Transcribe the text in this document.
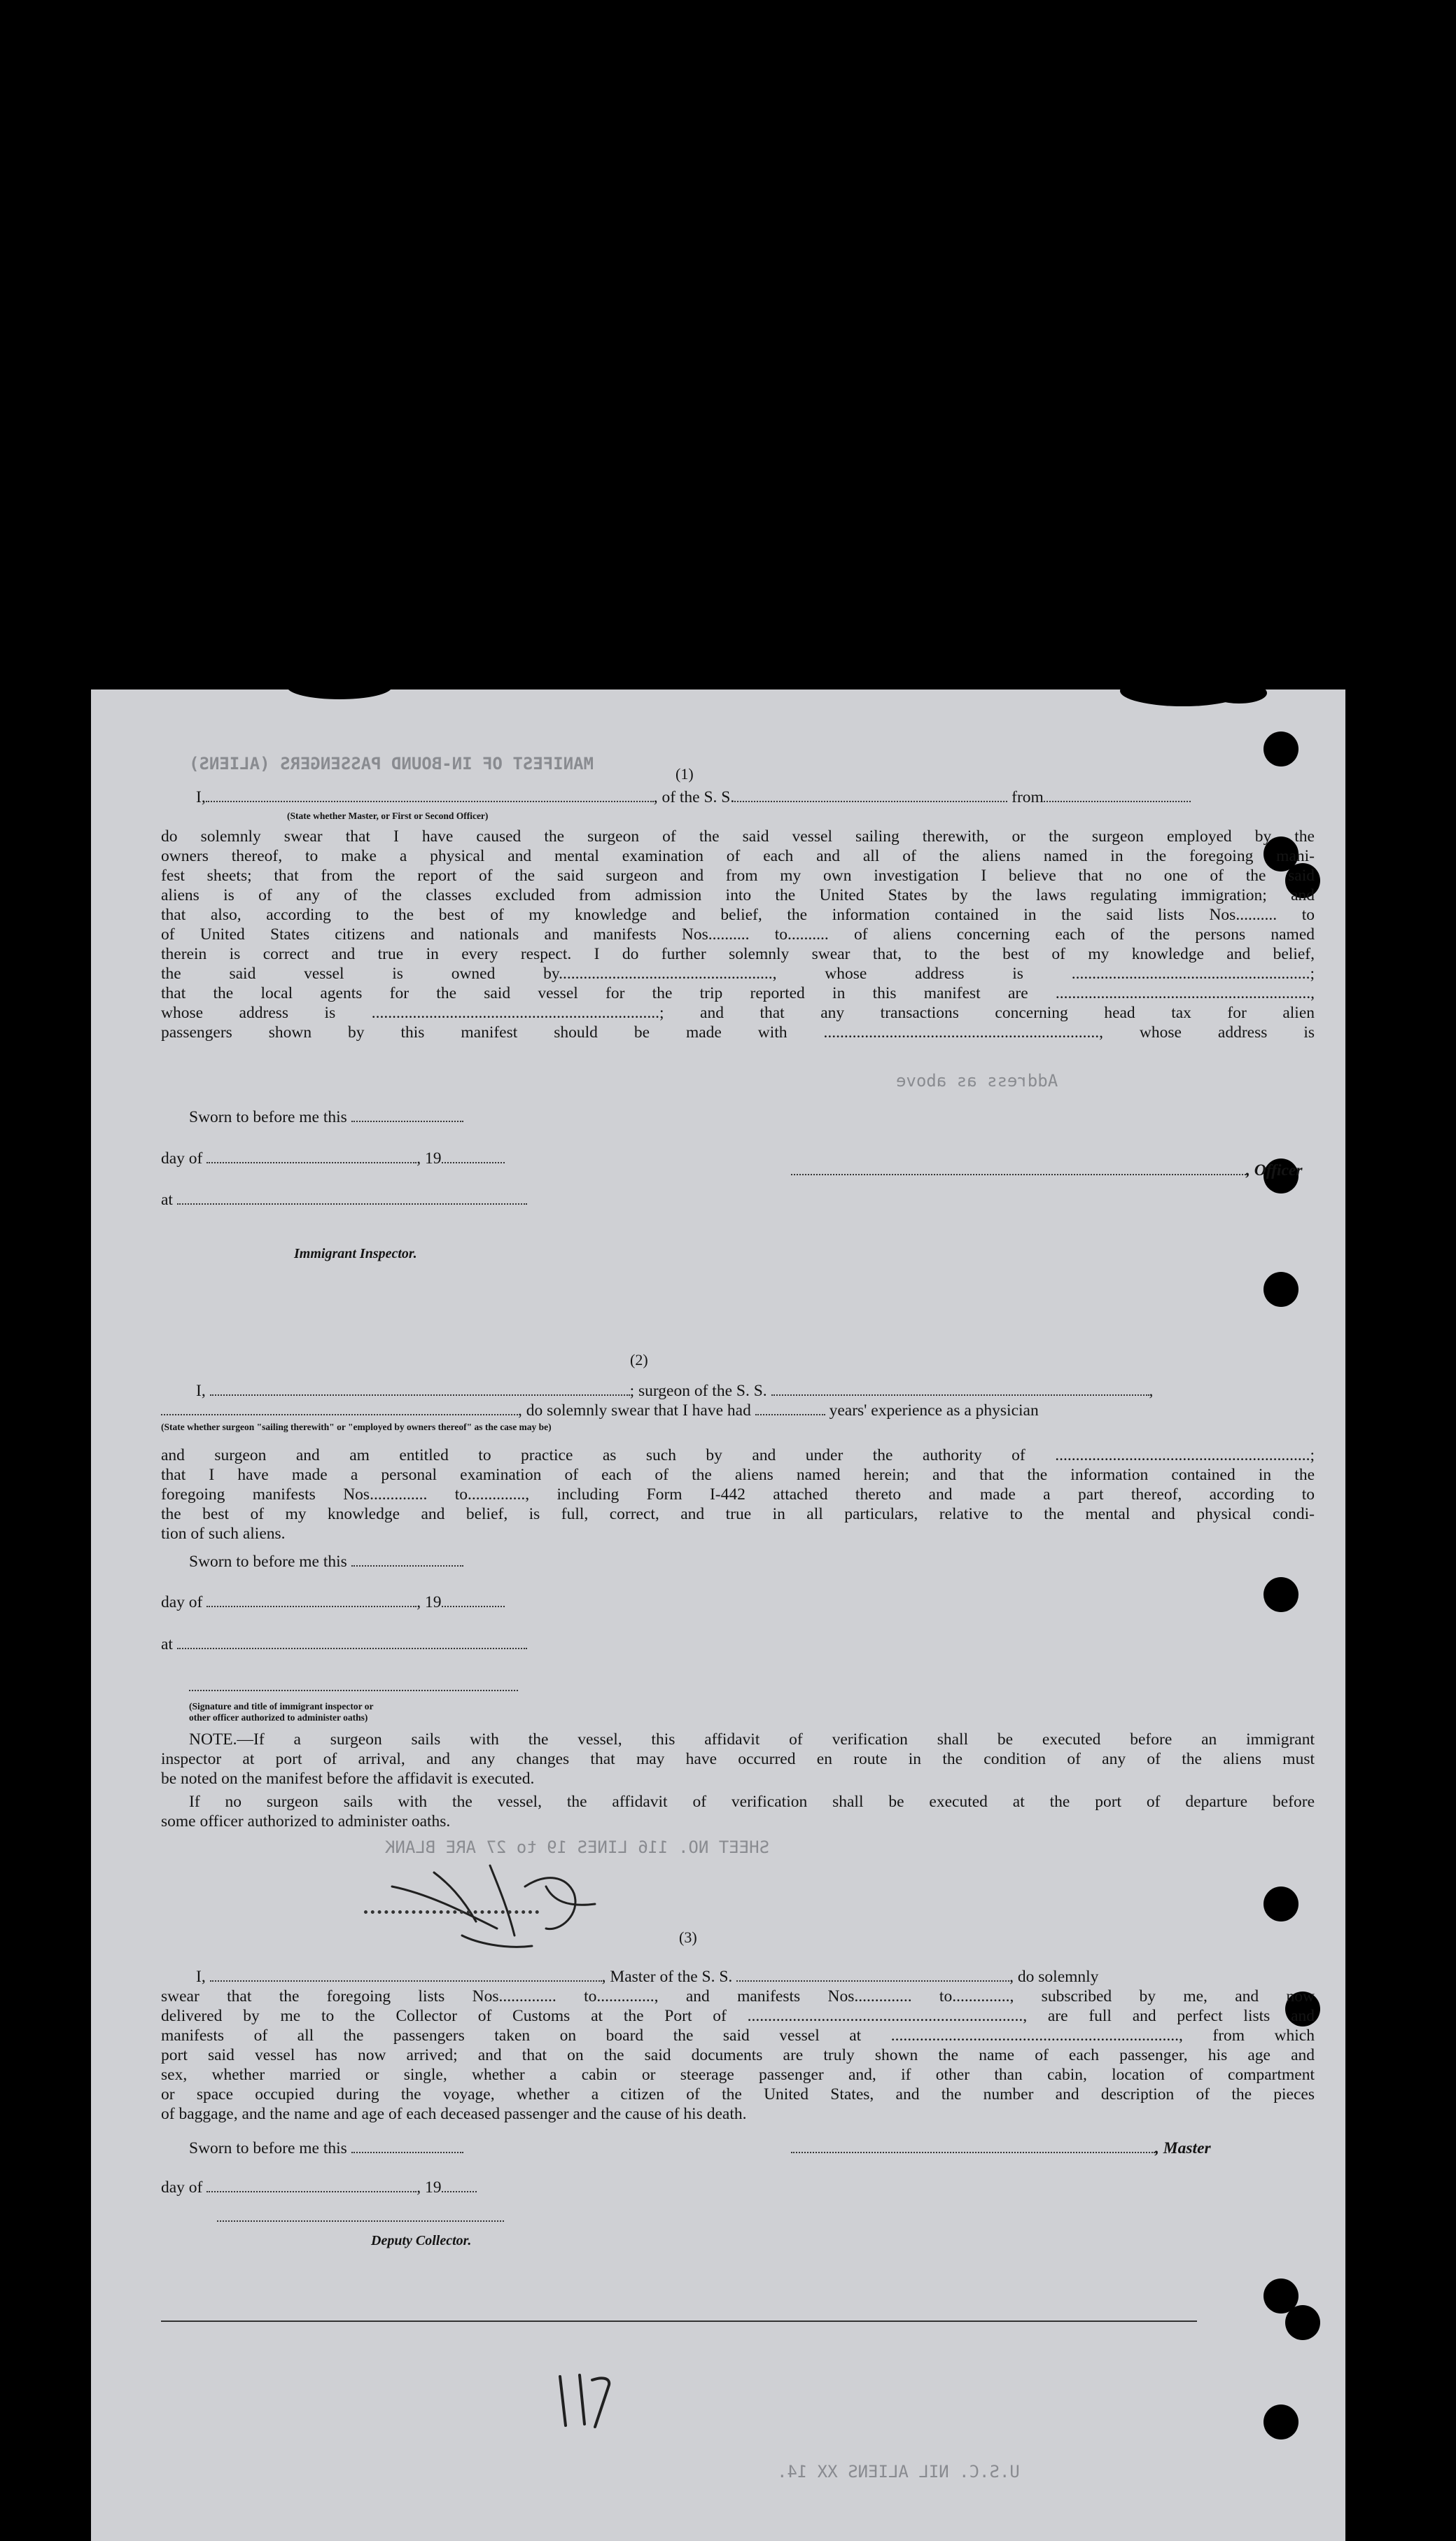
MANIFEST OF IN-BOUND PASSENGERS (ALIENS)
Address as above
SHEET NO. 116 LINES 19 to 27 ARE BLANK
U.S.C. NIL ALIENS XX 14.
(1)
I,	, of the S. S.	from
(State whether Master, or First or Second Officer)
do solemnly swear that I have caused the surgeon of the said vessel sailing therewith, or the surgeon employed by the
owners thereof, to make a physical and mental examination of each and all of the aliens named in the foregoing mani-
fest sheets; that from the report of the said surgeon and from my own investigation I believe that no one of the said
aliens is of any of the classes excluded from admission into the United States by the laws regulating immigration; and
that also, according to the best of my knowledge and belief, the information contained in the said lists Nos.......... to
of United States citizens and nationals and manifests Nos.......... to.......... of aliens concerning each of the persons named
therein is correct and true in every respect. I do further solemnly swear that, to the best of my knowledge and belief,
the said vessel is owned by...................................................., whose address is ..........................................................;
that the local agents for the said vessel for the trip reported in this manifest are ..............................................................,
whose address is ......................................................................; and that any transactions concerning head tax for alien
passengers shown by this manifest should be made with ..................................................................., whose address is
Sworn to before me this
day of	, 19
, Officer
at
Immigrant Inspector.
(2)
I,	; surgeon of the S. S.	,
, do solemnly swear that I have had	years' experience as a physician
(State whether surgeon "sailing therewith" or "employed by owners thereof" as the case may be)
and surgeon and am entitled to practice as such by and under the authority of ..............................................................;
that I have made a personal examination of each of the aliens named herein; and that the information contained in the
foregoing manifests Nos.............. to.............., including Form I-442 attached thereto and made a part thereof, according to
the best of my knowledge and belief, is full, correct, and true in all particulars, relative to the mental and physical condi-
tion of such aliens.
Sworn to before me this
day of	, 19
at
(Signature and title of immigrant inspector or
other officer authorized to administer oaths)
NOTE.—If a surgeon sails with the vessel, this affidavit of verification shall be executed before an immigrant
inspector at port of arrival, and any changes that may have occurred en route in the condition of any of the aliens must
be noted on the manifest before the affidavit is executed.
If no surgeon sails with the vessel, the affidavit of verification shall be executed at the port of departure before
some officer authorized to administer oaths.
(3)
I,	, Master of the S. S.	, do solemnly
swear that the foregoing lists Nos.............. to.............., and manifests Nos.............. to.............., subscribed by me, and now
delivered by me to the Collector of Customs at the Port of ..................................................................., are full and perfect lists and
manifests of all the passengers taken on board the said vessel at ......................................................................, from which
port said vessel has now arrived; and that on the said documents are truly shown the name of each passenger, his age and
sex, whether married or single, whether a cabin or steerage passenger and, if other than cabin, location of compartment
or space occupied during the voyage, whether a citizen of the United States, and the number and description of the pieces
of baggage, and the name and age of each deceased passenger and the cause of his death.
Sworn to before me this	, Master
day of	, 19
Deputy Collector.
